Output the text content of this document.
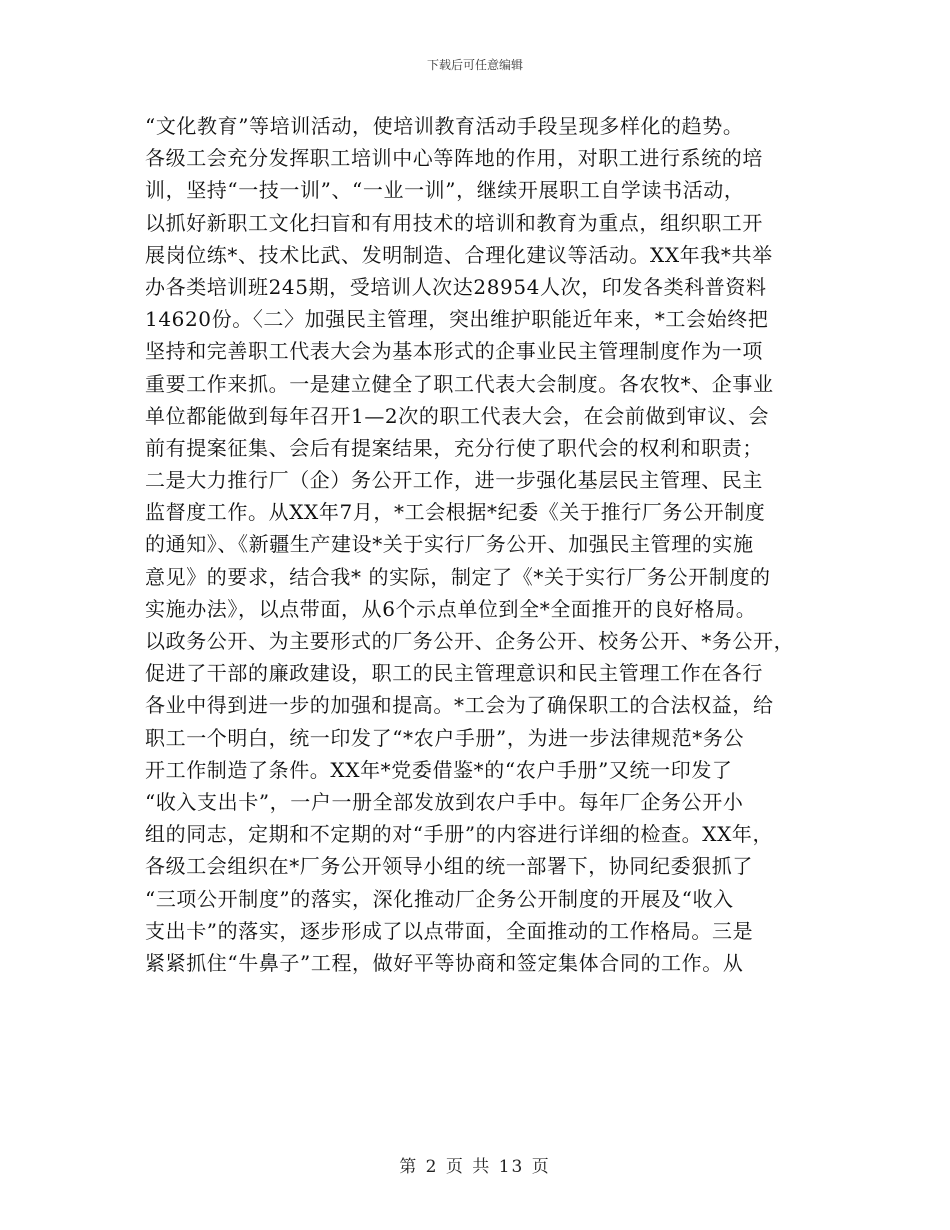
下载后可任意编辑
“文化教育”等培训活动，使培训教育活动手段呈现多样化的趋势。
各级工会充分发挥职工培训中心等阵地的作用，对职工进行系统的培
训，坚持“一技一训”、“一业一训”，继续开展职工自学读书活动，
以抓好新职工文化扫盲和有用技术的培训和教育为重点，组织职工开
展岗位练*、技术比武、发明制造、合理化建议等活动。XX年我*共举
办各类培训班245期，受培训人次达28954人次，印发各类科普资料
14620份。〈二〉加强民主管理，突出维护职能近年来，*工会始终把
坚持和完善职工代表大会为基本形式的企事业民主管理制度作为一项
重要工作来抓。一是建立健全了职工代表大会制度。各农牧*、企事业
单位都能做到每年召开1—2次的职工代表大会，在会前做到审议、会
前有提案征集、会后有提案结果，充分行使了职代会的权利和职责；
二是大力推行厂（企）务公开工作，进一步强化基层民主管理、民主
监督度工作。从XX年7月，*工会根据*纪委《关于推行厂务公开制度
的通知》、《新疆生产建设*关于实行厂务公开、加强民主管理的实施
意见》的要求，结合我* 的实际，制定了《*关于实行厂务公开制度的
实施办法》，以点带面，从6个示点单位到全*全面推开的良好格局。
以政务公开、为主要形式的厂务公开、企务公开、校务公开、*务公开，
促进了干部的廉政建设，职工的民主管理意识和民主管理工作在各行
各业中得到进一步的加强和提高。*工会为了确保职工的合法权益，给
职工一个明白，统一印发了“*农户手册”，为进一步法律规范*务公
开工作制造了条件。XX年*党委借鉴*的“农户手册”又统一印发了
“收入支出卡”，一户一册全部发放到农户手中。每年厂企务公开小
组的同志，定期和不定期的对“手册”的内容进行详细的检查。XX年，
各级工会组织在*厂务公开领导小组的统一部署下，协同纪委狠抓了
“三项公开制度”的落实，深化推动厂企务公开制度的开展及“收入
支出卡”的落实，逐步形成了以点带面，全面推动的工作格局。三是
紧紧抓住“牛鼻子”工程，做好平等协商和签定集体合同的工作。从
第 2 页 共 13 页
